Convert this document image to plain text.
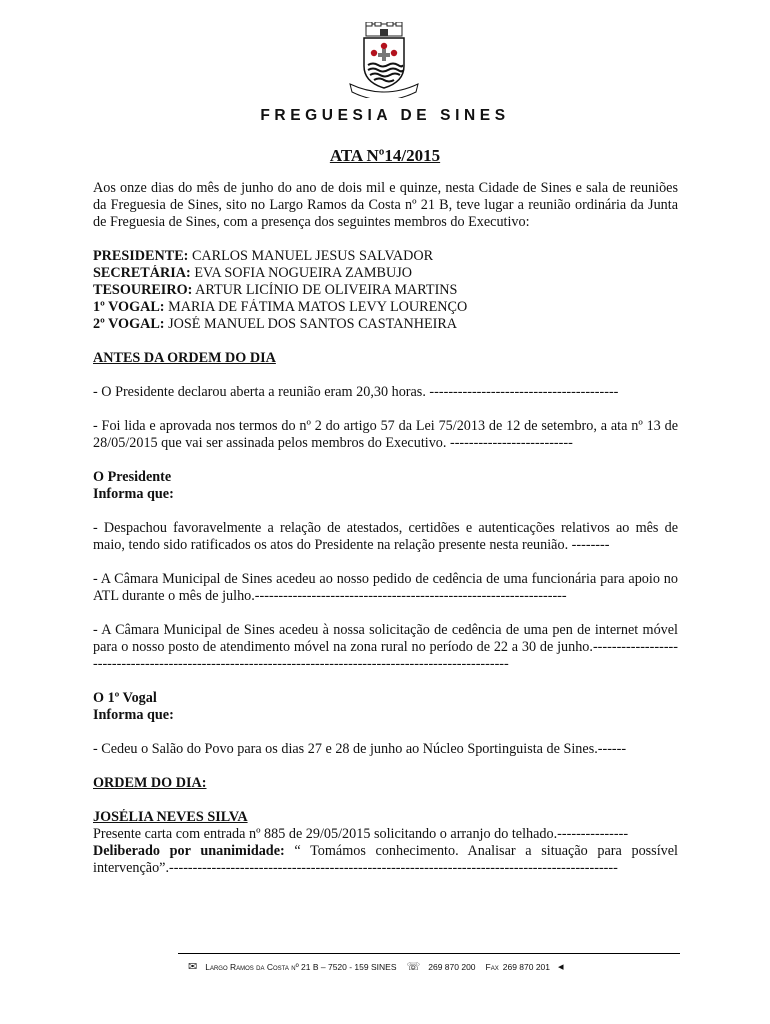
FREGUESIA DE SINES
ATA Nº14/2015

Aos onze dias do mês de junho do ano de dois mil e quinze, nesta Cidade de Sines e sala de reuniões da Freguesia de Sines, sito no Largo Ramos da Costa nº 21 B, teve lugar a reunião ordinária da Junta de Freguesia de Sines, com a presença dos seguintes membros do Executivo:

PRESIDENTE: CARLOS MANUEL JESUS SALVADOR
SECRETÁRIA: EVA SOFIA NOGUEIRA ZAMBUJO
TESOUREIRO: ARTUR LICÍNIO DE OLIVEIRA MARTINS
1º VOGAL: MARIA DE FÁTIMA MATOS LEVY LOURENÇO
2º VOGAL: JOSÉ MANUEL DOS SANTOS CASTANHEIRA
ANTES DA ORDEM DO DIA
- O Presidente declarou aberta a reunião eram 20,30 horas. ----------------------------------------

- Foi lida e aprovada nos termos do nº 2 do artigo 57 da Lei 75/2013 de 12 de setembro, a ata nº 13 de 28/05/2015 que vai ser assinada pelos membros do Executivo. --------------------------

O Presidente
Informa que:

- Despachou favoravelmente a relação de atestados, certidões e autenticações relativos ao mês de maio, tendo sido ratificados os atos do Presidente na relação presente nesta reunião. --------

- A Câmara Municipal de Sines acedeu ao nosso pedido de cedência de uma funcionária para apoio no ATL durante o mês de julho.------------------------------------------------------------------

- A Câmara Municipal de Sines acedeu à nossa solicitação de cedência de uma pen de internet móvel para o nosso posto de atendimento móvel na zona rural no período de 22 a 30 de junho.----------------------------------------------------------------------------------------------------------

O 1º Vogal
Informa que:
- Cedeu o Salão do Povo para os dias 27 e 28 de junho ao Núcleo Sportinguista de Sines.------
ORDEM DO DIA:
JOSÉLIA NEVES SILVA
Presente carta com entrada nº 885 de 29/05/2015 solicitando o arranjo do telhado.---------------

Deliberado por unanimidade: “ Tomámos conhecimento. Analisar a situação para possível intervenção”.-----------------------------------------------------------------------------------------------

✉ Largo Ramos da Costa nº 21 B – 7520 - 159 SINES ☏ 269 870 200 Fax 269 870 201 ◂
